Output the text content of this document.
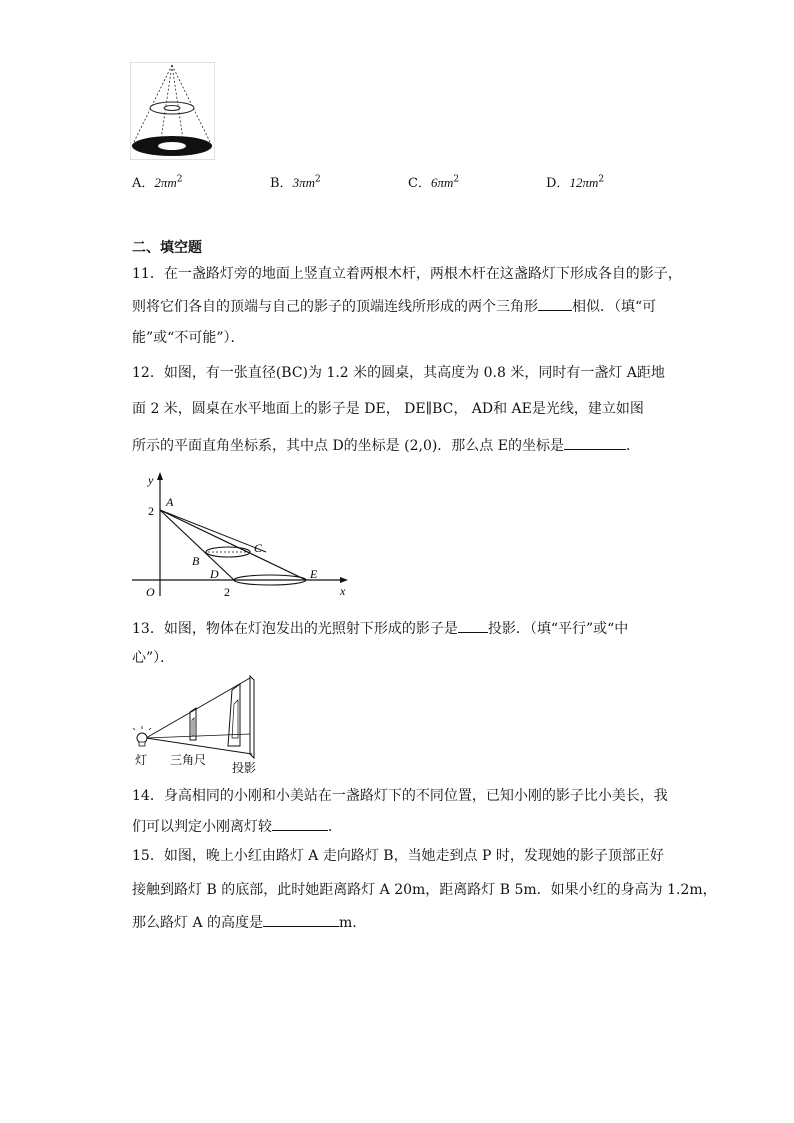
A．$2\pi m^2$	B．$3\pi m^2$	C．$6\pi m^2$	D．$12\pi m^2$
二、填空题
11．在一盏路灯旁的地面上竖直立着两根木杆，两根木杆在这盏路灯下形成各自的影子，
则将它们各自的顶端与自己的影子的顶端连线所形成的两个三角形 相似．（填“可
能”或“不可能”）．
12．如图，有一张直径(BC)为 1.2 米的圆桌，其高度为 0.8 米，同时有一盏灯 A距地
面 2 米，圆桌在水平地面上的影子是 DE， DE∥BC， AD和 AE是光线，建立如图
所示的平面直角坐标系，其中点 D的坐标是 (2,0)．那么点 E的坐标是	．
y
x
O
2
2
A
B
C
D	E
13．如图，物体在灯泡发出的光照射下形成的影子是 投影．（填“平行”或“中
心”）．
灯 三角尺
投影
14．身高相同的小刚和小美站在一盏路灯下的不同位置，已知小刚的影子比小美长，我
们可以判定小刚离灯较	．
15．如图，晚上小红由路灯 A 走向路灯 B，当她走到点 P 时，发现她的影子顶部正好
接触到路灯 B 的底部，此时她距离路灯 A 20m，距离路灯 B 5m．如果小红的身高为 1.2m，
那么路灯 A 的高度是	m.
